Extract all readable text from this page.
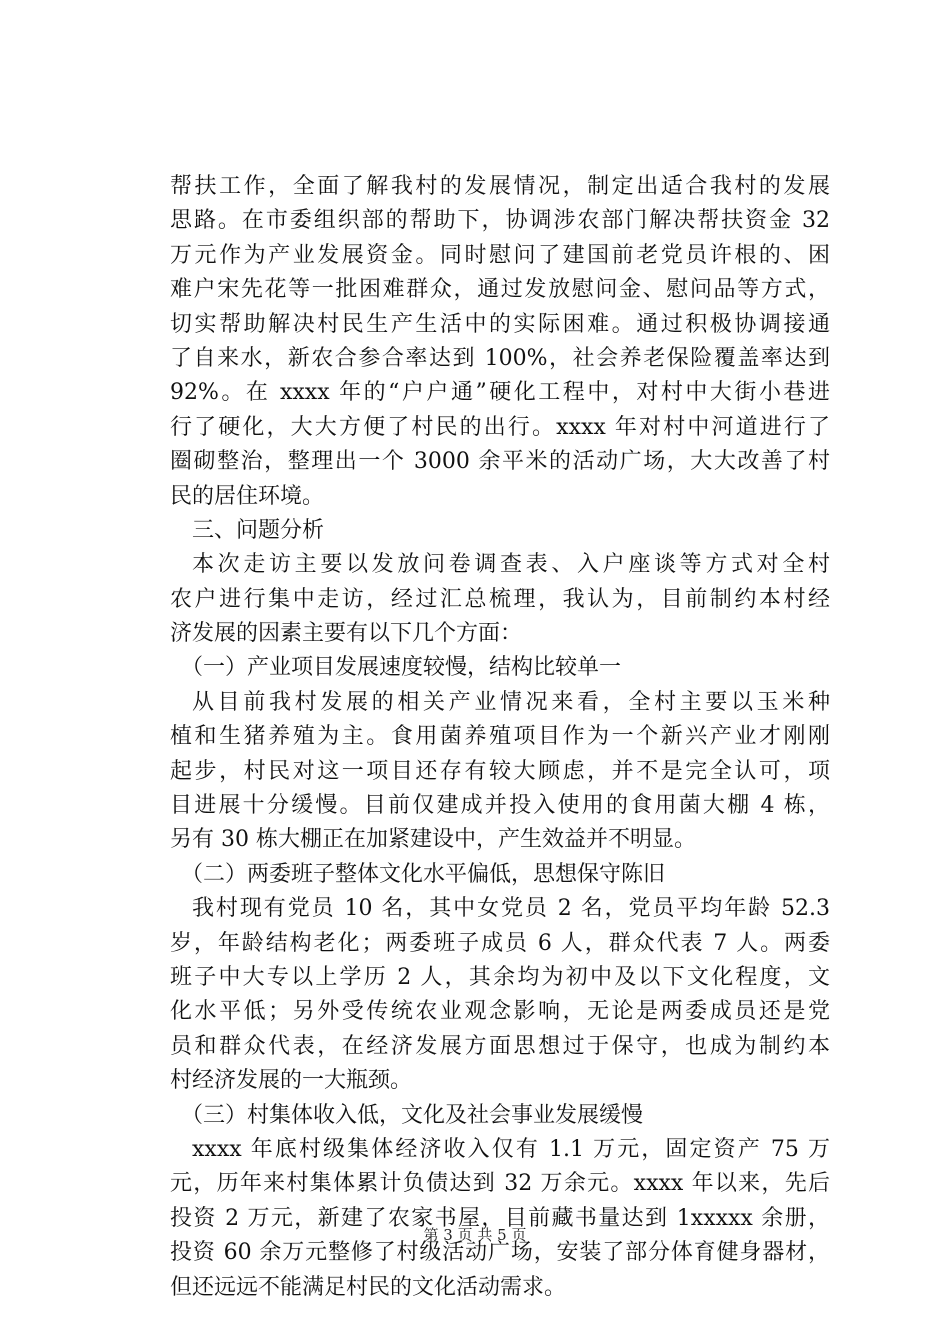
帮扶工作，全面了解我村的发展情况，制定出适合我村的发展
思路。在市委组织部的帮助下，协调涉农部门解决帮扶资金 32
万元作为产业发展资金。同时慰问了建国前老党员许根的、困
难户宋先花等一批困难群众，通过发放慰问金、慰问品等方式，
切实帮助解决村民生产生活中的实际困难。通过积极协调接通
了自来水，新农合参合率达到 100%，社会养老保险覆盖率达到
92%。在 xxxx 年的“户户通”硬化工程中，对村中大街小巷进
行了硬化，大大方便了村民的出行。xxxx 年对村中河道进行了
圈砌整治，整理出一个 3000 余平米的活动广场，大大改善了村
民的居住环境。
三、问题分析
本次走访主要以发放问卷调查表、入户座谈等方式对全村
农户进行集中走访，经过汇总梳理，我认为，目前制约本村经
济发展的因素主要有以下几个方面：
（一）产业项目发展速度较慢，结构比较单一
从目前我村发展的相关产业情况来看，全村主要以玉米种
植和生猪养殖为主。食用菌养殖项目作为一个新兴产业才刚刚
起步，村民对这一项目还存有较大顾虑，并不是完全认可，项
目进展十分缓慢。目前仅建成并投入使用的食用菌大棚 4 栋，
另有 30 栋大棚正在加紧建设中，产生效益并不明显。
（二）两委班子整体文化水平偏低，思想保守陈旧
我村现有党员 10 名，其中女党员 2 名，党员平均年龄 52.3
岁，年龄结构老化；两委班子成员 6 人，群众代表 7 人。两委
班子中大专以上学历 2 人，其余均为初中及以下文化程度，文
化水平低；另外受传统农业观念影响，无论是两委成员还是党
员和群众代表，在经济发展方面思想过于保守，也成为制约本
村经济发展的一大瓶颈。
（三）村集体收入低，文化及社会事业发展缓慢
xxxx 年底村级集体经济收入仅有 1.1 万元，固定资产 75 万
元，历年来村集体累计负债达到 32 万余元。xxxx 年以来，先后
投资 2 万元，新建了农家书屋，目前藏书量达到 1xxxxx 余册，
投资 60 余万元整修了村级活动广场，安装了部分体育健身器材，
但还远远不能满足村民的文化活动需求。
第 3 页 共 5 页
